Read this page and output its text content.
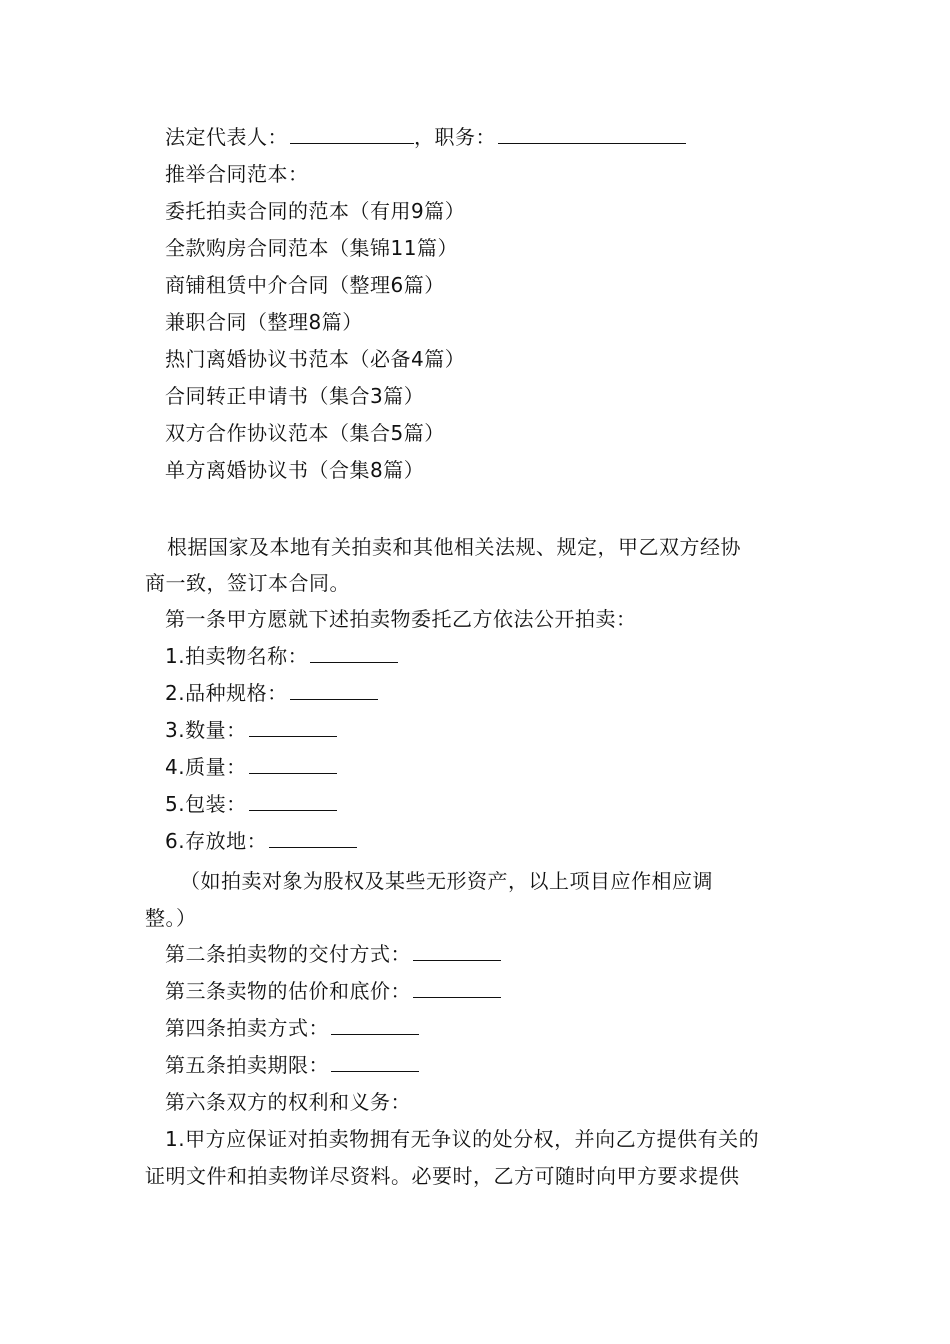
法定代表人：	，职务：
推举合同范本：
委托拍卖合同的范本（有用9篇）
全款购房合同范本（集锦11篇）
商铺租赁中介合同（整理6篇）
兼职合同（整理8篇）
热门离婚协议书范本（必备4篇）
合同转正申请书（集合3篇）
双方合作协议范本（集合5篇）
单方离婚协议书（合集8篇）
根据国家及本地有关拍卖和其他相关法规、规定，甲乙双方经协
商一致，签订本合同。
第一条甲方愿就下述拍卖物委托乙方依法公开拍卖：
1.拍卖物名称：
2.品种规格：
3.数量：
4.质量：
5.包装：
6.存放地：
（如拍卖对象为股权及某些无形资产，以上项目应作相应调
整。）
第二条拍卖物的交付方式：
第三条卖物的估价和底价：
第四条拍卖方式：
第五条拍卖期限：
第六条双方的权利和义务：
1.甲方应保证对拍卖物拥有无争议的处分权，并向乙方提供有关的
证明文件和拍卖物详尽资料。必要时，乙方可随时向甲方要求提供
